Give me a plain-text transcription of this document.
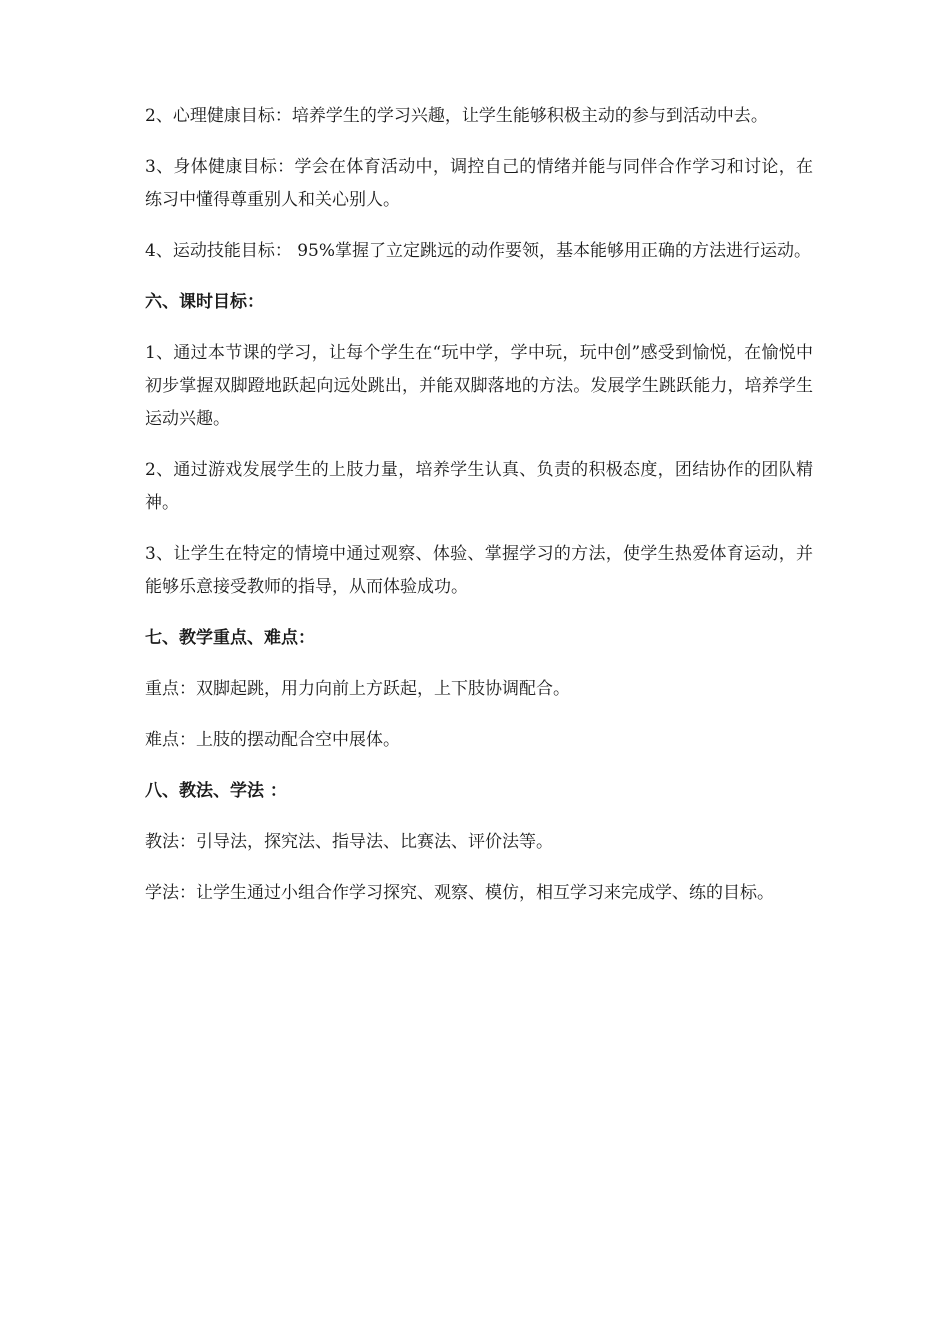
2、心理健康目标：培养学生的学习兴趣，让学生能够积极主动的参与到活动中去。

3、身体健康目标：学会在体育活动中，调控自己的情绪并能与同伴合作学习和讨论，在练习中懂得尊重别人和关心别人。

4、运动技能目标： 95%掌握了立定跳远的动作要领，基本能够用正确的方法进行运动。

六、课时目标：

1、通过本节课的学习，让每个学生在“玩中学，学中玩，玩中创”感受到愉悦，在愉悦中初步掌握双脚蹬地跃起向远处跳出，并能双脚落地的方法。发展学生跳跃能力，培养学生运动兴趣。

2、通过游戏发展学生的上肢力量，培养学生认真、负责的积极态度，团结协作的团队精神。

3、让学生在特定的情境中通过观察、体验、掌握学习的方法，使学生热爱体育运动，并能够乐意接受教师的指导，从而体验成功。

七、教学重点、难点：

重点：双脚起跳，用力向前上方跃起，上下肢协调配合。

难点：上肢的摆动配合空中展体。

八、教法、学法 ：

教法：引导法，探究法、指导法、比赛法、评价法等。

学法：让学生通过小组合作学习探究、观察、模仿，相互学习来完成学、练的目标。
